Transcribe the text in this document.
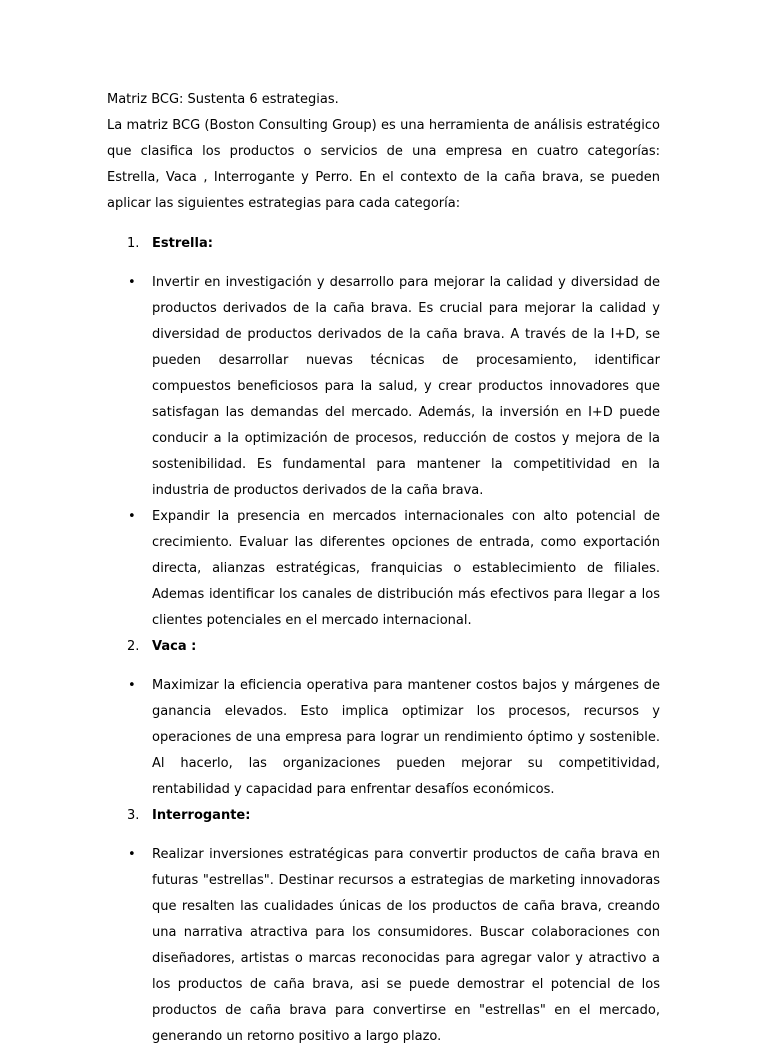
Matriz BCG: Sustenta 6 estrategias.

La matriz BCG (Boston Consulting Group) es una herramienta de análisis estratégico que clasifica los productos o servicios de una empresa en cuatro categorías: Estrella, Vaca , Interrogante y Perro. En el contexto de la caña brava, se pueden aplicar las siguientes estrategias para cada categoría:

1. Estrella:

• Invertir en investigación y desarrollo para mejorar la calidad y diversidad de productos derivados de la caña brava. Es crucial para mejorar la calidad y diversidad de productos derivados de la caña brava. A través de la I+D, se pueden desarrollar nuevas técnicas de procesamiento, identificar compuestos beneficiosos para la salud, y crear productos innovadores que satisfagan las demandas del mercado. Además, la inversión en I+D puede conducir a la optimización de procesos, reducción de costos y mejora de la sostenibilidad. Es fundamental para mantener la competitividad en la industria de productos derivados de la caña brava.

• Expandir la presencia en mercados internacionales con alto potencial de crecimiento. Evaluar las diferentes opciones de entrada, como exportación directa, alianzas estratégicas, franquicias o establecimiento de filiales. Ademas identificar los canales de distribución más efectivos para llegar a los clientes potenciales en el mercado internacional.

2. Vaca :

• Maximizar la eficiencia operativa para mantener costos bajos y márgenes de ganancia elevados. Esto implica optimizar los procesos, recursos y operaciones de una empresa para lograr un rendimiento óptimo y sostenible. Al hacerlo, las organizaciones pueden mejorar su competitividad, rentabilidad y capacidad para enfrentar desafíos económicos.

3. Interrogante:

• Realizar inversiones estratégicas para convertir productos de caña brava en futuras "estrellas". Destinar recursos a estrategias de marketing innovadoras que resalten las cualidades únicas de los productos de caña brava, creando una narrativa atractiva para los consumidores. Buscar colaboraciones con diseñadores, artistas o marcas reconocidas para agregar valor y atractivo a los productos de caña brava, asi se puede demostrar el potencial de los productos de caña brava para convertirse en "estrellas" en el mercado, generando un retorno positivo a largo plazo.
